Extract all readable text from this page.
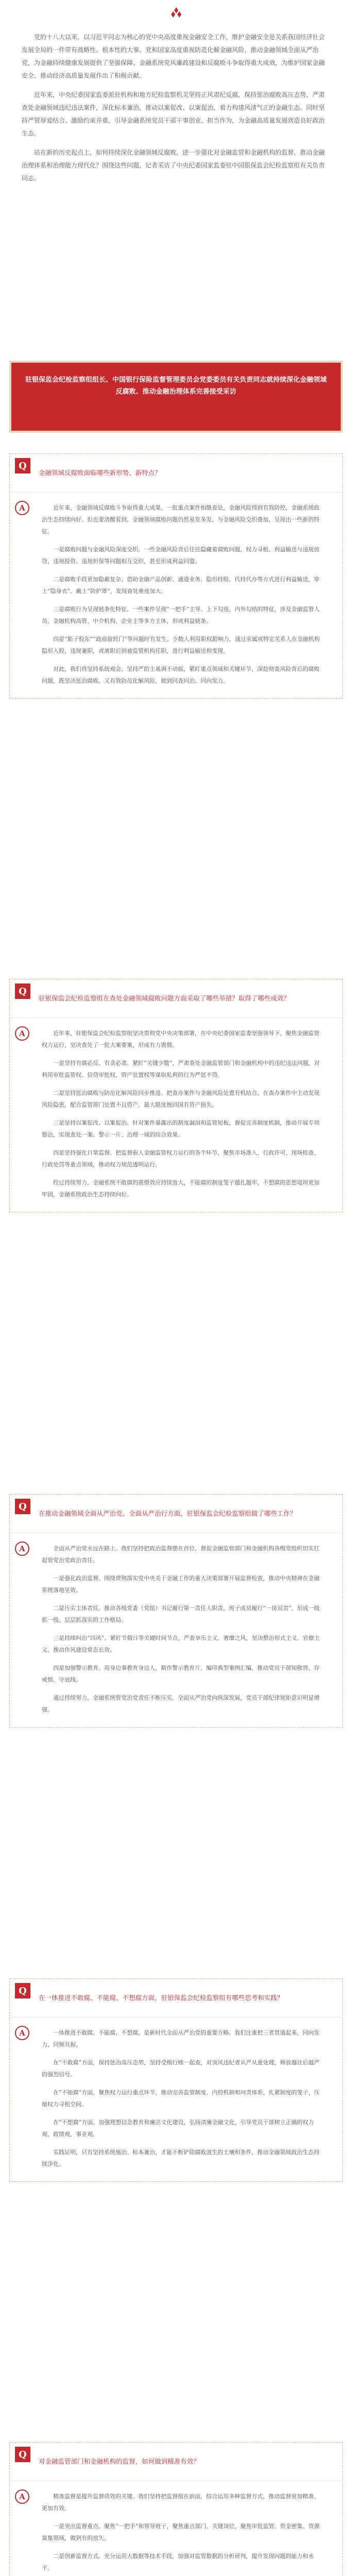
党的十八大以来，以习近平同志为核心的党中央高度重视金融安全工作，维护金融安全是关系我国经济社会发展全局的一件带有战略性、根本性的大事。党和国家高度重视防范化解金融风险，推动金融领域全面从严治党，为金融持续健康发展提供了坚强保障，金融系统党风廉政建设和反腐败斗争取得重大成效，为维护国家金融安全、推动经济高质量发展作出了积极贡献。

近年来，中央纪委国家监委派驻机构和地方纪检监察机关坚持正风肃纪反腐，保持惩治腐败高压态势，严肃查处金融领域违纪违法案件，深化标本兼治，推动以案促改、以案促治，着力构建风清气正的金融生态。同时坚持严管厚爱结合、激励约束并重，引导金融系统党员干部干事创业、担当作为，为金融高质量发展营造良好政治生态。

站在新的历史起点上，如何持续深化金融领域反腐败，进一步强化对金融监管和金融机构的监督，推动金融治理体系和治理能力现代化？围绕这些问题，记者采访了中央纪委国家监委驻中国银保监会纪检监察组有关负责同志。

驻银保监会纪检监察组组长、中国银行保险监督管理委员会党委委员有关负责同志就持续深化金融领域反腐败、推动金融治理体系完善接受采访
Q
金融领域反腐败面临哪些新形势、新特点？
A	近年来，金融领域反腐败斗争取得重大成果，一批重点案件相继查处，金融风险得到有效防控，金融系统政治生态持续向好。但也要清醒看到，金融领域腐败问题仍然易发多发，与金融风险交织叠加，呈现出一些新的特征。

一是腐败问题与金融风险深度交织。一些金融风险背后往往隐藏着腐败问题，权力寻租、利益输送与违规放贷、违规投资、违规担保等问题相互交织，甚至形成利益同盟。

二是腐败手段更加隐蔽复杂。借助金融产品创新、通道业务、隐形持股、代持代办等方式进行利益输送，穿上“隐身衣”、戴上“防护罩”，发现查处难度加大。

三是腐败行为呈现链条化特征。一些案件呈现“一把手”主导、上下勾连、内外勾结的特征，涉及金融监管人员、金融机构高管、中介机构、企业主等多方主体，形成利益链条。

四是“影子股东”“政商旋转门”等问题时有发生。少数人利用职权影响力，通过亲属或特定关系人在金融机构隐形入股、违规兼职，或离职后到被监管机构任职，进行利益输送和变现。

对此，我们将坚持系统观念，坚持严的主基调不动摇，紧盯重点领域和关键环节，深挖彻查风险背后的腐败问题，既坚决惩治腐败，又有效防范化解风险，做到同查同治、同向发力。

Q
驻银保监会纪检监察组在查处金融领域腐败问题方面采取了哪些举措？取得了哪些成效？
A	近年来，驻银保监会纪检监察组坚决贯彻党中央决策部署，在中央纪委国家监委坚强领导下，聚焦金融监管权力运行，坚决查处了一批大案要案，形成有力震慑。

一是坚持有腐必反、有贪必肃。紧盯“关键少数”，严肃查处金融监管部门和金融机构中的违纪违法问题，对利用审批监管权、信贷审批权、资产处置权等谋取私利的行为严惩不贷。

二是坚持惩治腐败与防范化解风险同步推进。把查办案件与金融风险处置有机结合，在查办案件中主动发现风险隐患，配合监管部门处置不良资产，最大限度挽回国有资产损失。

三是坚持以案促改、以案促治。针对案件暴露出的制度漏洞和监管短板，督促完善制度机制，推动开展专项整治，实现查处一案、警示一片、治理一域的综合效果。

四是坚持强化日常监督。把监督嵌入金融监管权力运行的各个环节，聚焦市场准入、行政许可、现场检查、行政处罚等重点领域，推动权力规范透明运行。

经过持续努力，金融系统不敢腐的震慑效应持续放大，不能腐的制度笼子越扎越牢，不想腐的思想堤坝更加牢固，金融系统政治生态持续向好。

Q
在推动金融领域全面从严治党、全面从严治行方面，驻银保监会纪检监察组做了哪些工作？
A	全面从严治党永远在路上。我们坚持把政治监督摆在首位，督促金融监管部门和金融机构各级党组织切实扛起管党治党政治责任。

一是强化政治监督。围绕贯彻落实党中央关于金融工作的重大决策部署开展监督检查，推动中央精神在金融系统落地见效。

二是压实主体责任。推动各级党委（党组）书记履行第一责任人职责，班子成员履行“一岗双责”，形成一级抓一级、层层抓落实的工作格局。

三是持续纠治“四风”。紧盯节假日等关键时间节点，严查享乐主义、奢靡之风，坚决整治形式主义、官僚主义，推动作风建设常态长效。

四是加强警示教育。用身边事教育身边人，制作警示教育片，编印典型案例汇编，推动党员干部知敬畏、存戒惧、守底线。

通过持续努力，金融系统管党治党责任不断压实，全面从严治党向纵深发展，党员干部纪律规矩意识明显增强。

Q
在一体推进不敢腐、不能腐、不想腐方面，驻银保监会纪检监察组有哪些思考和实践？
A	一体推进不敢腐、不能腐、不想腐，是新时代全面从严治党的重要方略。我们注重把三者贯通起来，同向发力、同频共振。

在“不敢腐”方面，保持惩治高压态势，坚持受贿行贿一起查，对顶风违纪者从严从重处理，释放越往后越严的强烈信号。

在“不能腐”方面，聚焦权力运行重点环节，推动完善监管制度、内控机制和问责体系，扎紧制度的笼子，压缩权力寻租空间。

在“不想腐”方面，加强理想信念教育和廉洁文化建设，弘扬清廉金融文化，引导党员干部树立正确的权力观、政绩观、事业观。

实践证明，只有坚持系统施治、标本兼治，才能不断铲除腐败滋生的土壤和条件，推动金融领域政治生态持续净化。

Q
对金融监管部门和金融机构的监督，如何做到精准有效？
A	精准监督是提升监督质效的关键。我们坚持把监督挺在前面，综合运用多种监督方式，推动监督更加精准、更加有效。

一是突出监督重点。聚焦“一把手”和领导班子，聚焦重点部门、关键岗位，聚焦审批监管、资金密集、资源富集领域，做到有的放矢。

二是创新监督方式。充分运用大数据等技术手段，加强对监管数据的分析研判，提升发现问题的能力和水平。
